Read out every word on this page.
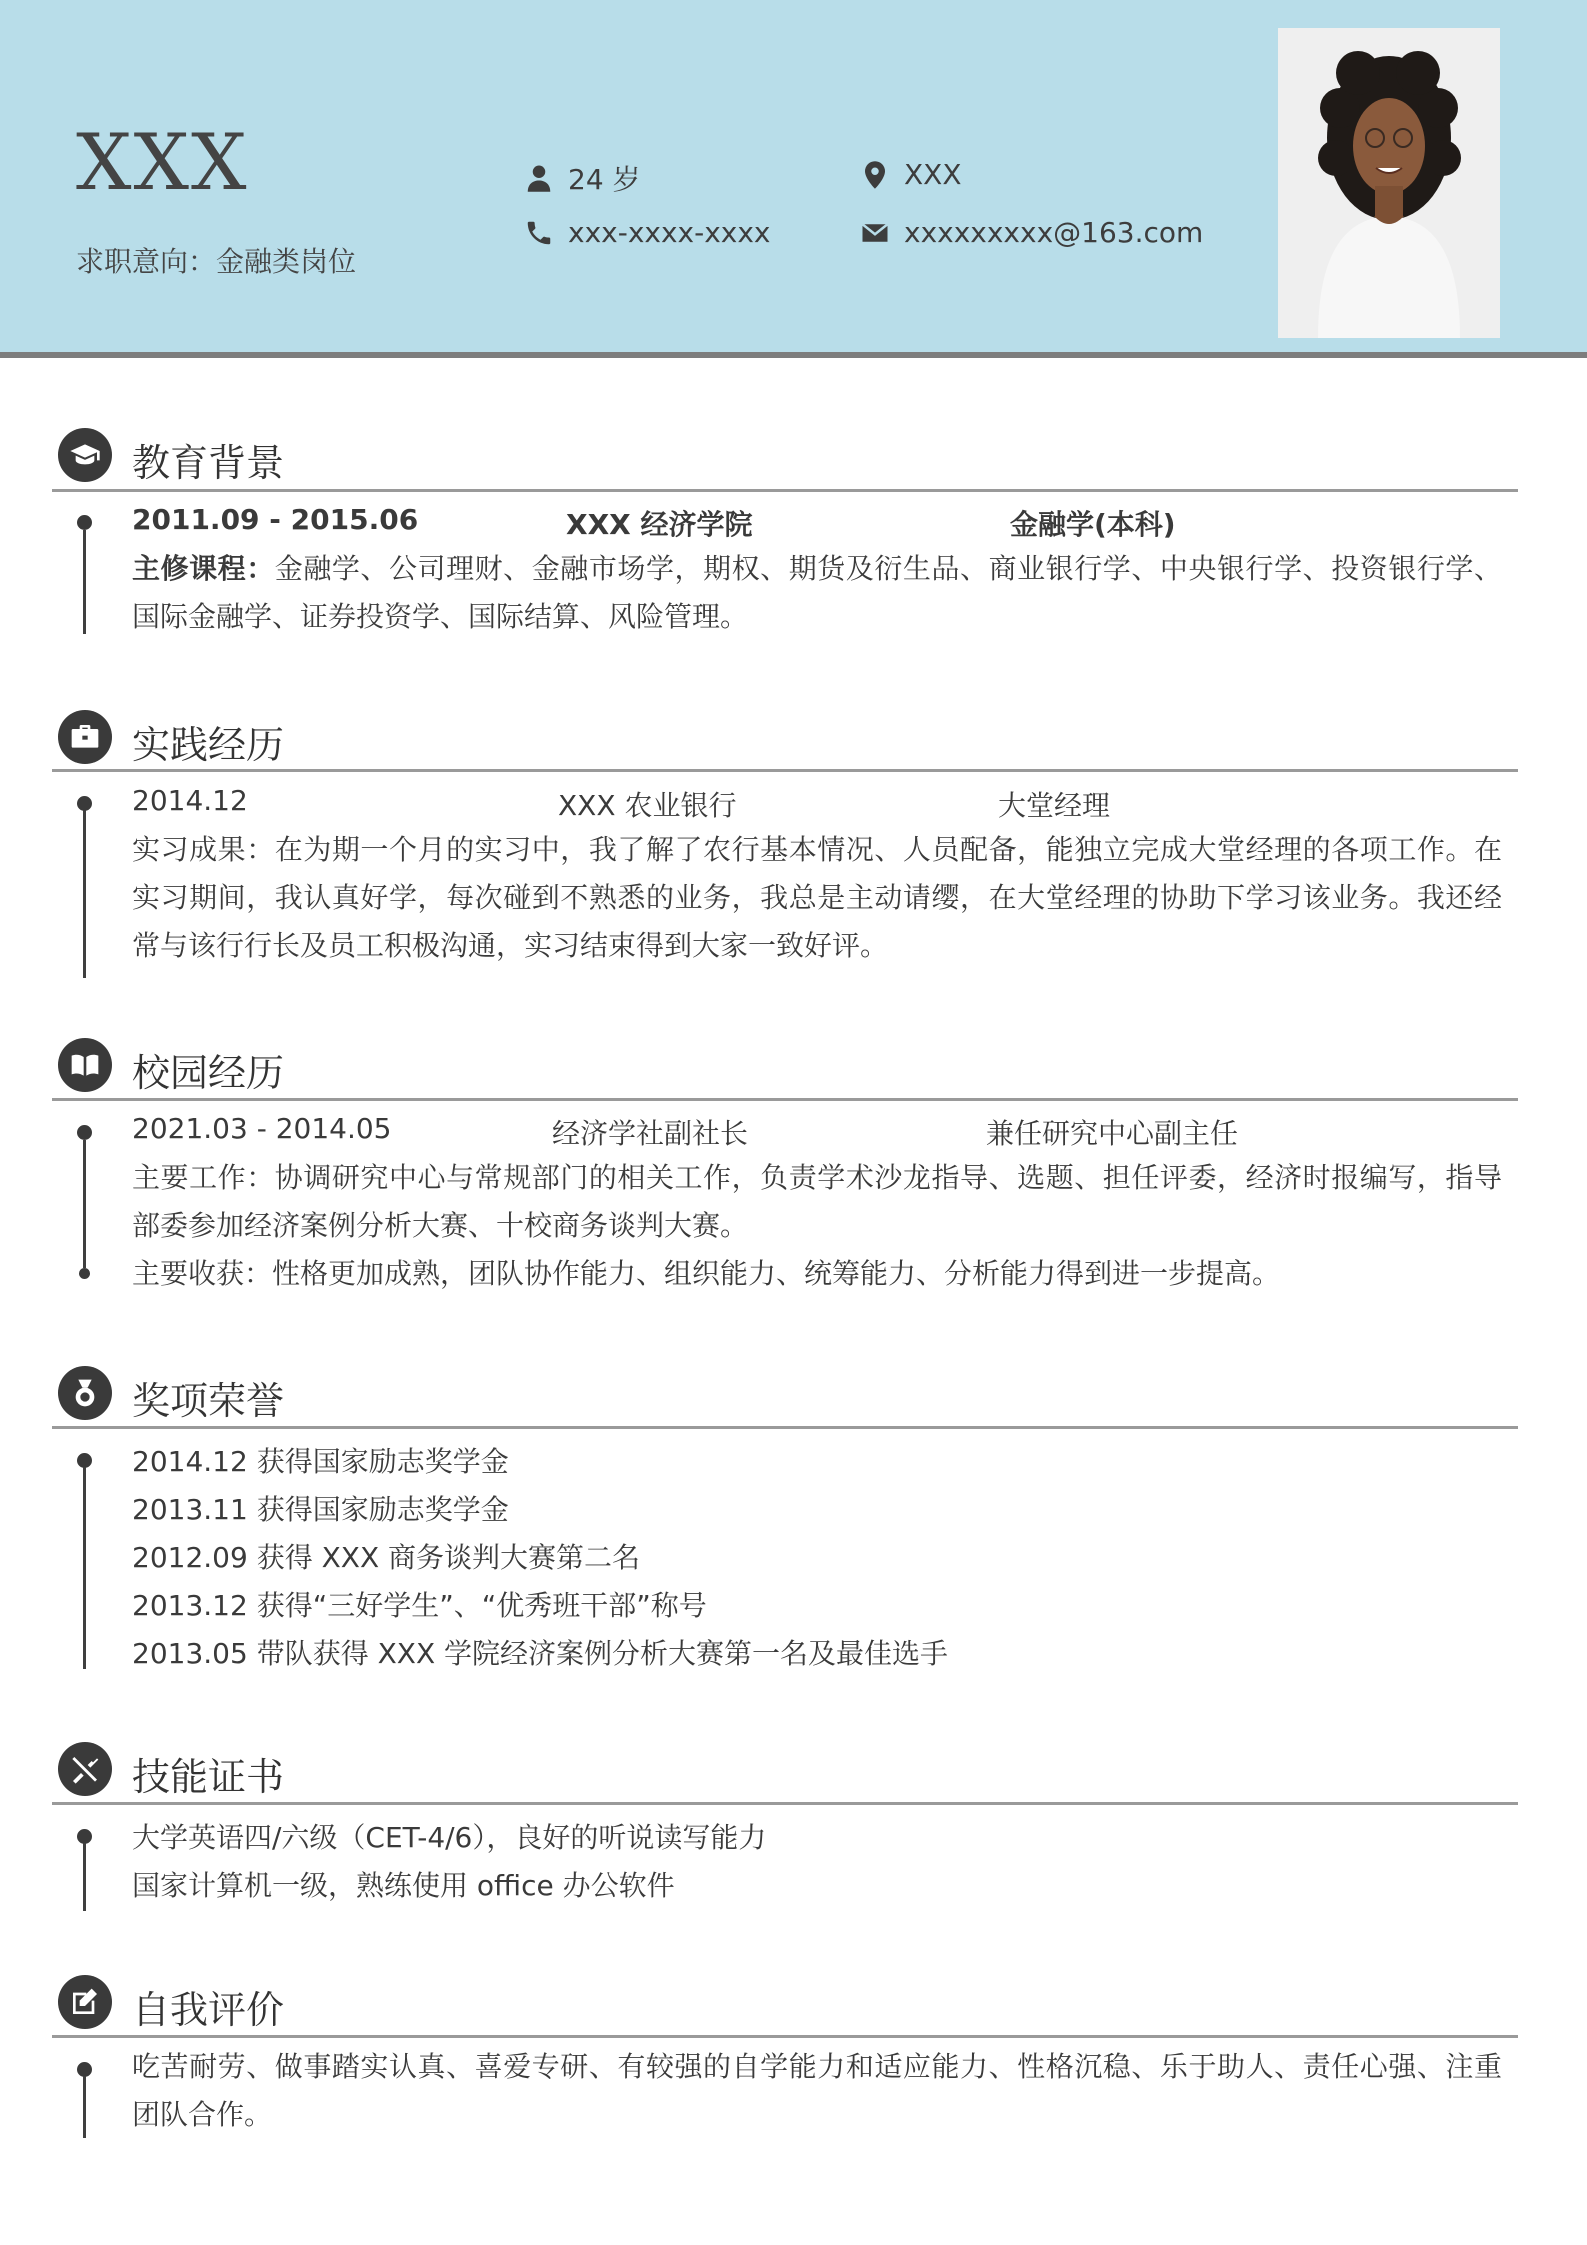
XXX
求职意向：金融类岗位
24 岁	XXX
xxx-xxxx-xxxx	xxxxxxxxx@163.com
教育背景
2011.09 - 2015.06	XXX 经济学院	金融学(本科)
主修课程：金融学、公司理财、金融市场学，期权、期货及衍生品、商业银行学、中央银行学、投资银行学、国际金融学、证券投资学、国际结算、风险管理。
实践经历
2014.12	XXX 农业银行	大堂经理
实习成果：在为期一个月的实习中，我了解了农行基本情况、人员配备，能独立完成大堂经理的各项工作。在实习期间，我认真好学，每次碰到不熟悉的业务，我总是主动请缨，在大堂经理的协助下学习该业务。我还经常与该行行长及员工积极沟通，实习结束得到大家一致好评。
校园经历
2021.03 - 2014.05	经济学社副社长	兼任研究中心副主任
主要工作：协调研究中心与常规部门的相关工作，负责学术沙龙指导、选题、担任评委，经济时报编写，指导部委参加经济案例分析大赛、十校商务谈判大赛。
主要收获：性格更加成熟，团队协作能力、组织能力、统筹能力、分析能力得到进一步提高。
奖项荣誉
2014.12 获得国家励志奖学金
2013.11 获得国家励志奖学金
2012.09 获得 XXX 商务谈判大赛第二名
2013.12 获得“三好学生”、“优秀班干部”称号
2013.05 带队获得 XXX 学院经济案例分析大赛第一名及最佳选手
技能证书
大学英语四/六级（CET-4/6），良好的听说读写能力
国家计算机一级，熟练使用 office 办公软件
自我评价
吃苦耐劳、做事踏实认真、喜爱专研、有较强的自学能力和适应能力、性格沉稳、乐于助人、责任心强、注重团队合作。
